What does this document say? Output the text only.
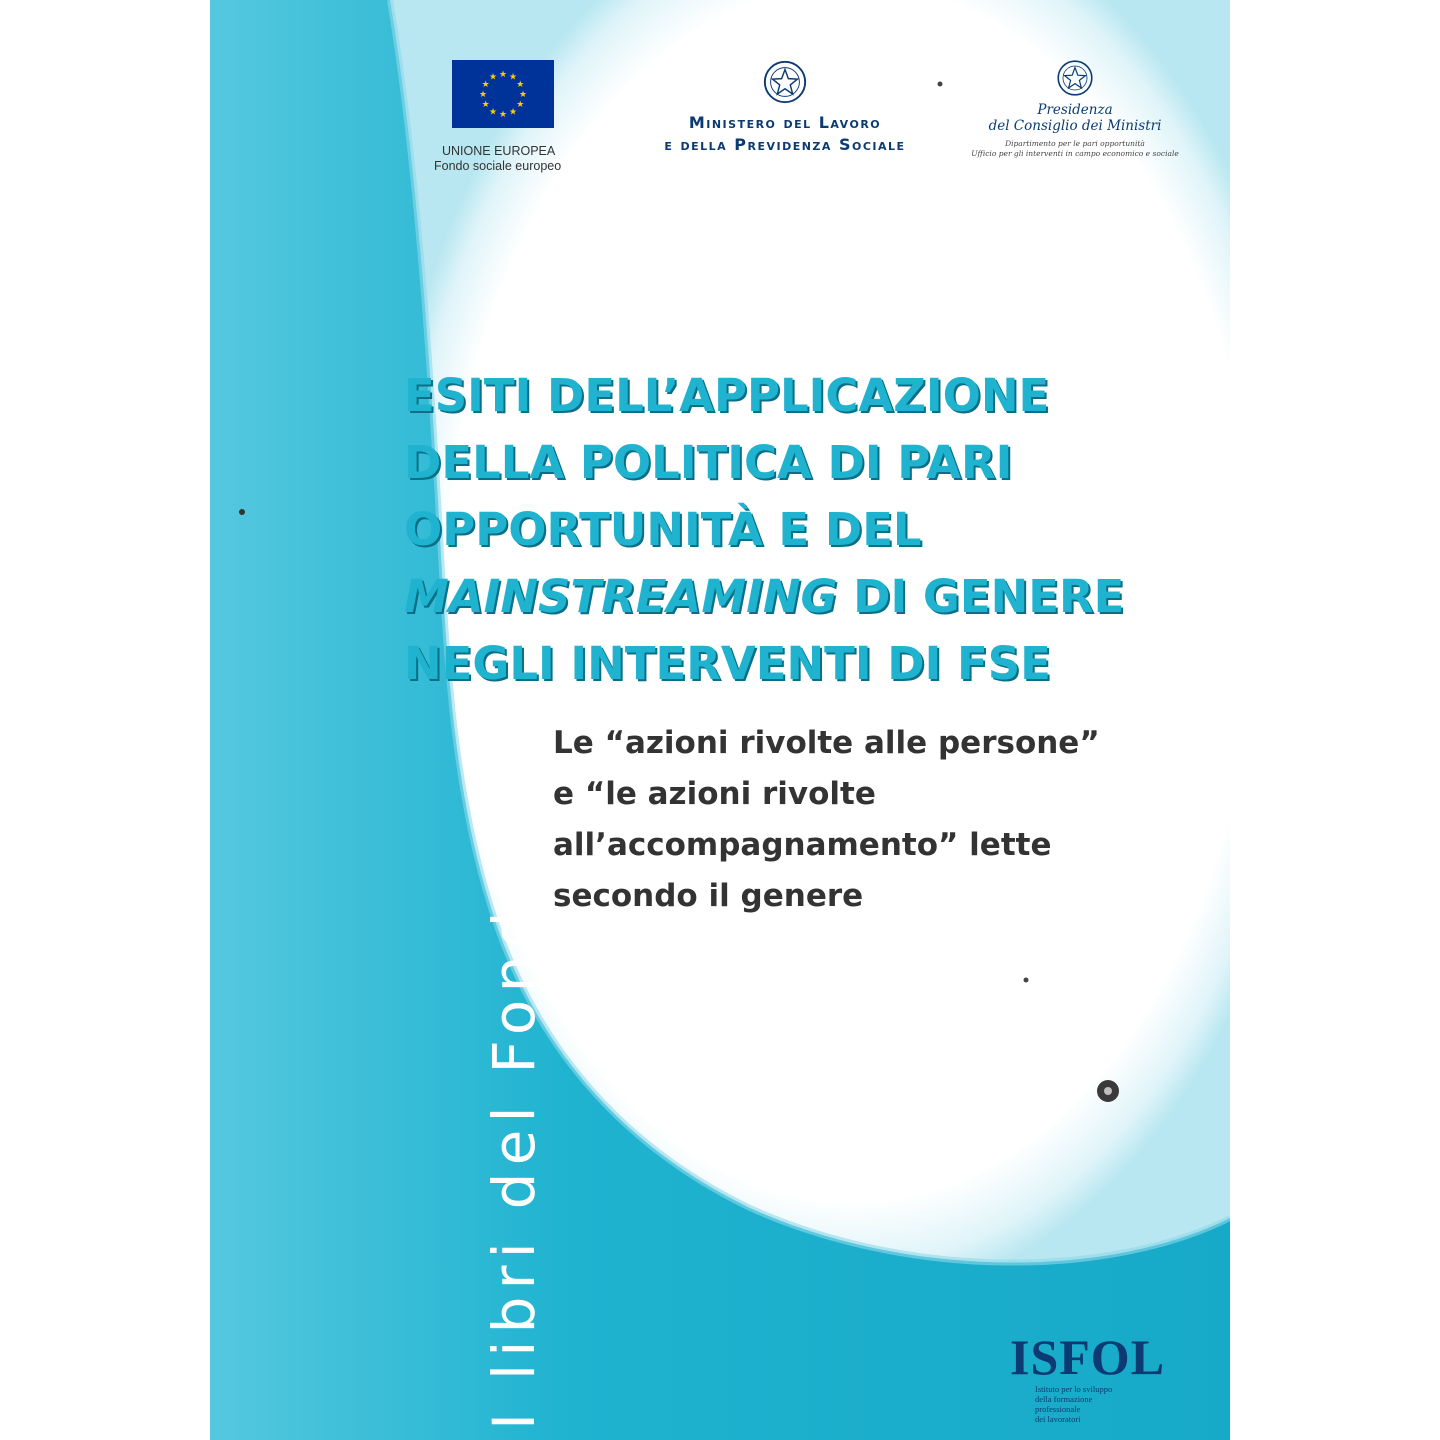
I libri del Fondo sociale europeo
★ ★
★
★
★
★
★
★
★
★
★
★
UNIONE EUROPEA
Fondo sociale europeo
Ministero del Lavoro
e della Previdenza Sociale
Presidenza
del Consiglio dei Ministri
Dipartimento per le pari opportunità
Ufficio per gli interventi in campo economico e sociale
ESITI DELL’APPLICAZIONE
DELLA POLITICA DI PARI
OPPORTUNITÀ E DEL
MAINSTREAMING DI GENERE
NEGLI INTERVENTI DI FSE
Le “azioni rivolte alle persone”
e “le azioni rivolte
all’accompagnamento” lette
secondo il genere
ISFOL
Istituto per lo sviluppo
della formazione
professionale
dei lavoratori
